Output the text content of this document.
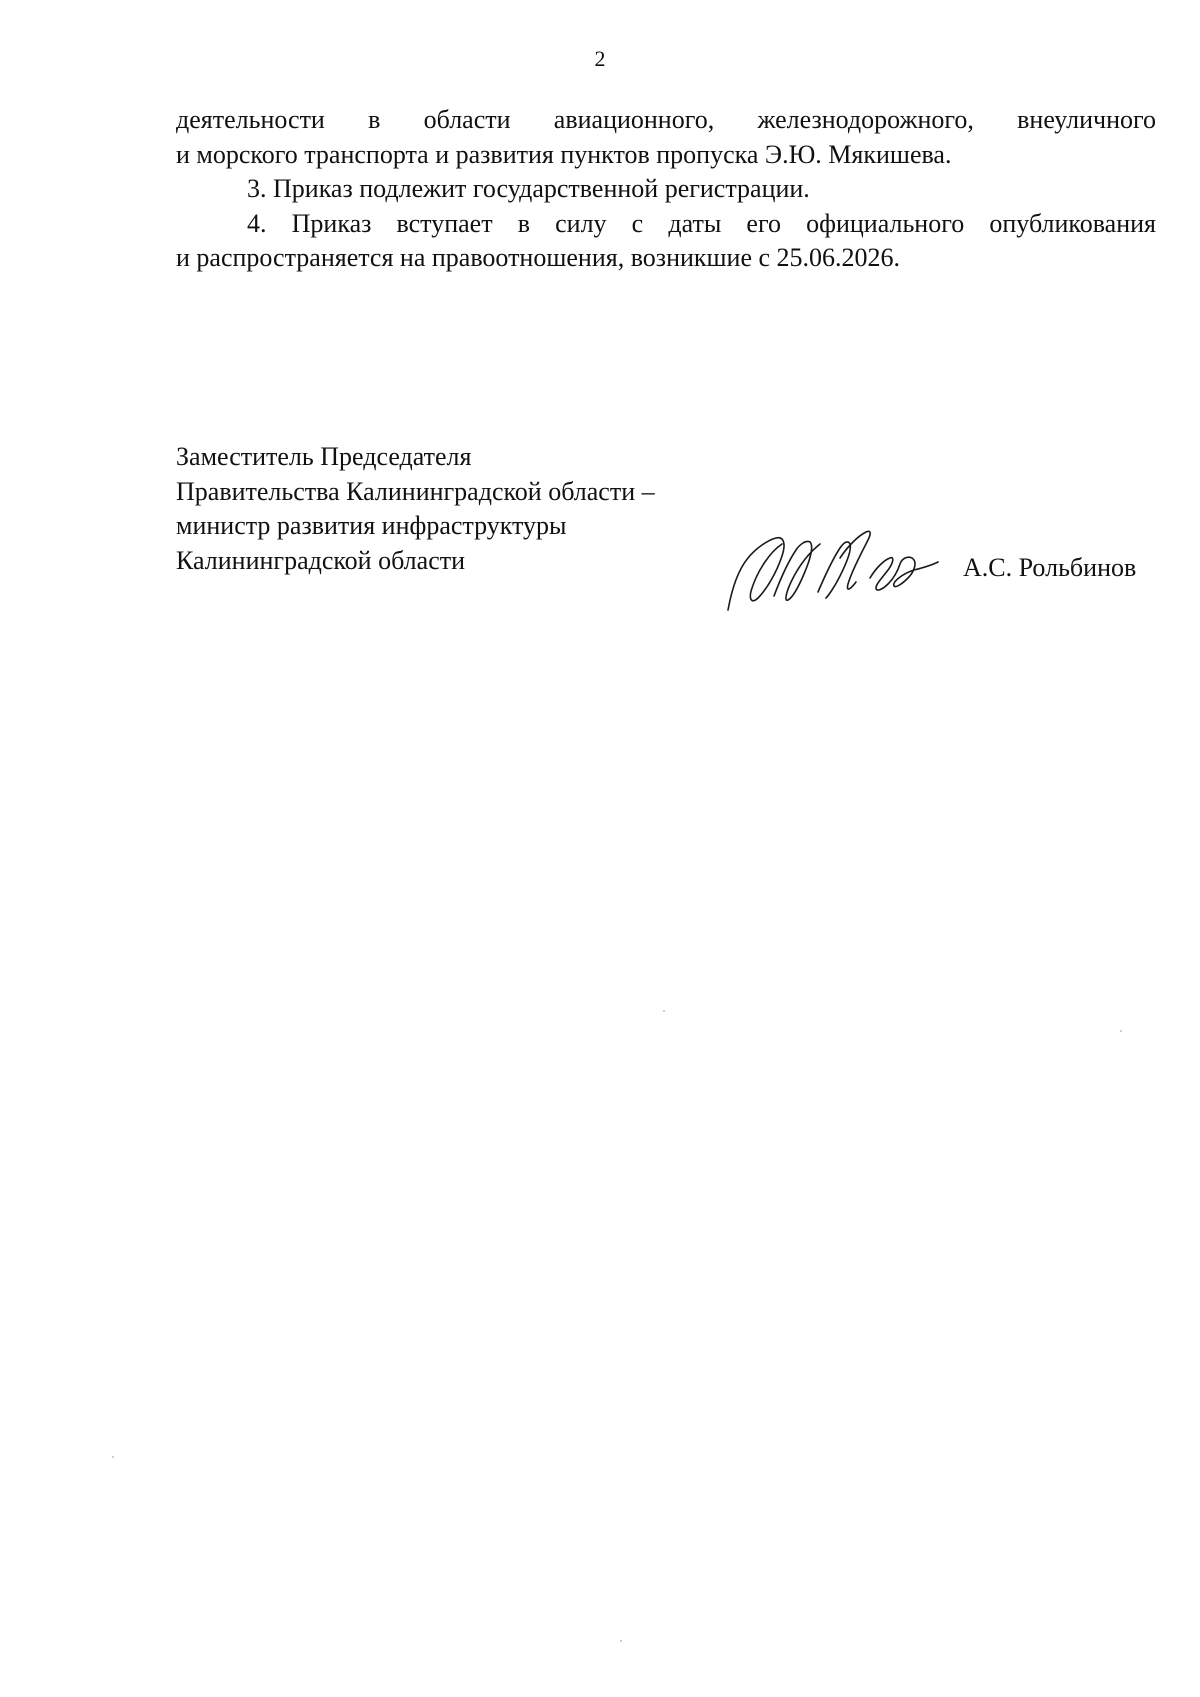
2
деятельности в области авиационного, железнодорожного, внеуличного
и морского транспорта и развития пунктов пропуска Э.Ю. Мякишева.
3. Приказ подлежит государственной регистрации.
4. Приказ вступает в силу с даты его официального опубликования
и распространяется на правоотношения, возникшие с 25.06.2026.
Заместитель Председателя
Правительства Калининградской области –
министр развития инфраструктуры
Калининградской области	А.С. Рольбинов
